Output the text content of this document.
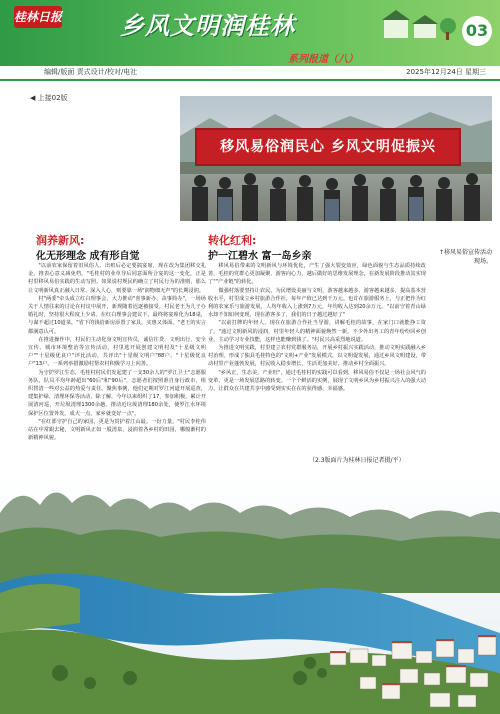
桂林日报 乡风文明润桂林
系列报道（八）
03
编辑/版面 责式设计/校对/电社	2025年12月24日 星期三
◀ 上接02版
移风易俗润民心 乡风文明促振兴
润养新风:
化无形理念 成有形自觉

"以前农家保留着旧风俗人、出殡后必定要搞宴席，现在改为集团移交礼金，推表心意义减免档。"毛桂村的业草导后同意面所合宴的这一变化，正是村里移风易俗实践的生动写照。如果说村规民约确立了村民行为的准则，那么让文明新风真正融入日常、深入人心，则要靠一场"润物细无声"的长期浸润。

村"两委"牵头成立红白理事会，大力推动"喜事新办、丧事简办"，一场场关于人情往来的讨论在村议中展开，新规随着迟逐被接受。村民老王为儿子办婚礼时，坚持很大程度上少请、在红白理事会建议下，最终将宴席化为18桌，与谋不超过10道菜。"省下的钱给新房添置了家具，实惠又体面。"老王的实言都满意认可。

在推进操作中，村民们主动化身文明宣传员，诚信往贷、文明出行、安全宣传、城市环境整治等宣传活动，村里选开展创建文明村及"十星级文明户""十星级优良户"评比活动，共评出"十星级文明户"88户、"十星级优良户"13户。一系列举措激励村帮农村积极学习上向善。

为守护罗江生态，毛桂村村民们发起建了一支30余人的"罗江卫士"志愿服务队，队员平均年龄超出"60后"和"90后"，志愿者们按照准自身行政市，组织捞清一些对公益的热爱与责任。聚焦事例，他们定期对罗江河道开展巡查，建集护绿、清理环保等活动，除了解，今年以来组织了17，参加积极，累计开展清河巡，开垃圾清理1300余趟、推动近垃圾清理180余处，使罗江水环境保护区位置外发。成大一点，家乡就变好一点"。

"在红部守护自己的家园，更是为贯护着江山最。一份力量。"村民李桂伟站在中常跟去秘，文明新风正如一股清泉，浸润着各乡村的田园，哪般渐村的新精神风貌。

转化红利:
护一江碧水 富一岛乡亲

移风易俗带来的文明新风与环境优化，产生了强大裂变效应，绿色面貌与生态品质持续改善，毛桂的党群心更加凝聚、游客向心力，越后做好的思维发展理念，在新发展阶段推动其实现了""产业链"的转化。

做强村落要坚持让农民、为民增设美丽与文明，游客越来越多、游客越来越多，提高基本营收水平，村里成立乡村旅游合作社，每年产值已达到千万元。也许在旅游服务上，与正把作为红利的农家乐与旅游发展，人均年收入上涨到7万元，年均收入达到20余万元。"以前守着青山绿水却不知如何变现，现在游客多了，我们的日子越过越好了"

"以前打牌的年轻人，现在在旅游合作社当导游，讲解毛桂的故事，在家门口就能挣工资了。"通过文明新风的浸润，村里年轻人的精神面貌焕然一新，不少外出务工的青年纷纷回乡创业。主动学习专业技能，这样也能赚到钱了。"村民兴高采烈地说道。

为推进文明实践，村里建立农村党群服务站，开展乡村振兴实践活动，推动文明实践融入乡村治理。形成了独具毛桂特色的"文明+产业"发展模式，以文明促发展，通过乡风文明建设，带动村里产业蓬勃发展，村民收入稳步增长，生活更加美好，推动乡村全面振兴。

"乡风正，生态美，产业旺"，通过毛桂村的实践可以看到，移风易俗不仅是一场社会风气的变革，更是一场发展思路的转变。一个个鲜活的实例，展现了文明乡风为乡村振兴注入的强大动力，让群众在共建共享中感受到实实在在的获得感、幸福感。

↑移风易俗宣传活动现场。
（2.3版面片为桂林日报记者摄/平）
